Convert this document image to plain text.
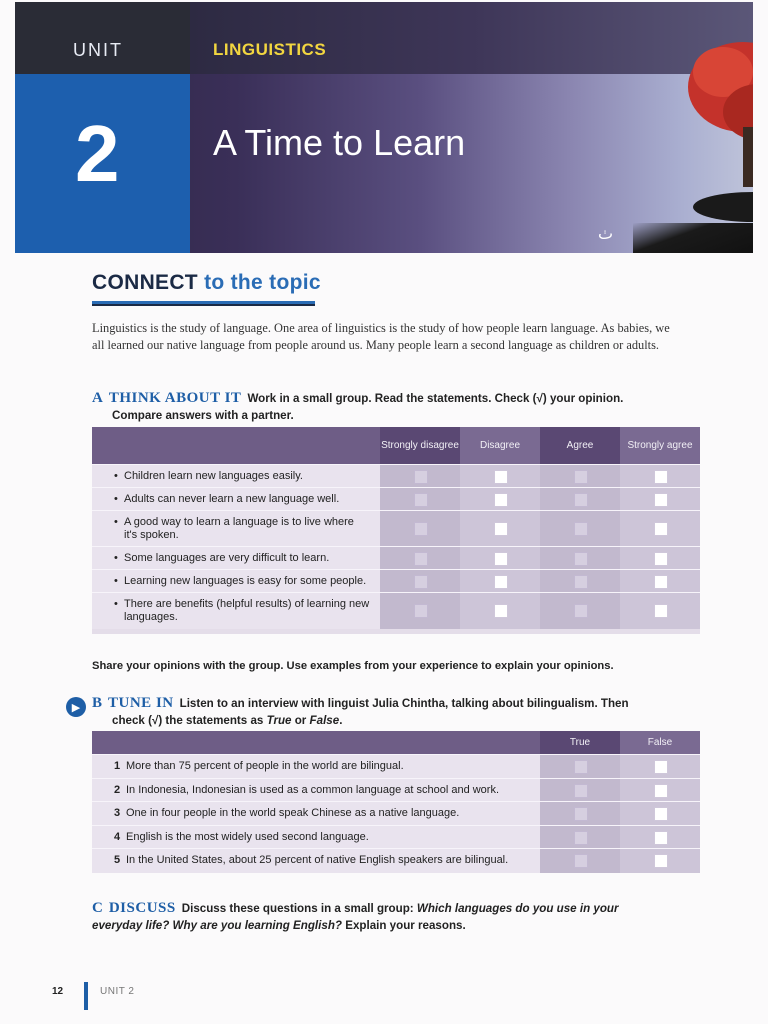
UNIT
2
LINGUISTICS
A Time to Learn
ٺ
CONNECT to the topic
Linguistics is the study of language. One area of linguistics is the study of how people learn language. As babies, we all learned our native language from people around us. Many people learn a second language as children or adults.
A THINK ABOUT IT Work in a small group. Read the statements. Check (√) your opinion.
Compare answers with a partner.
Strongly disagree	Disagree	Agree	Strongly agree
• Children learn new languages easily.
• Adults can never learn a new language well.
• A good way to learn a language is to live where it's spoken.
• Some languages are very difficult to learn.
• Learning new languages is easy for some people.
• There are benefits (helpful results) of learning new languages.
Share your opinions with the group. Use examples from your experience to explain your opinions.
▶ B TUNE IN Listen to an interview with linguist Julia Chintha, talking about bilingualism. Then
check (√) the statements as True or False.
True	False
1 More than 75 percent of people in the world are bilingual.
2 In Indonesia, Indonesian is used as a common language at school and work.
3 One in four people in the world speak Chinese as a native language.
4 English is the most widely used second language.
5 In the United States, about 25 percent of native English speakers are bilingual.
C DISCUSS Discuss these questions in a small group: Which languages do you use in your everyday life? Why are you learning English? Explain your reasons.
12	UNIT 2
